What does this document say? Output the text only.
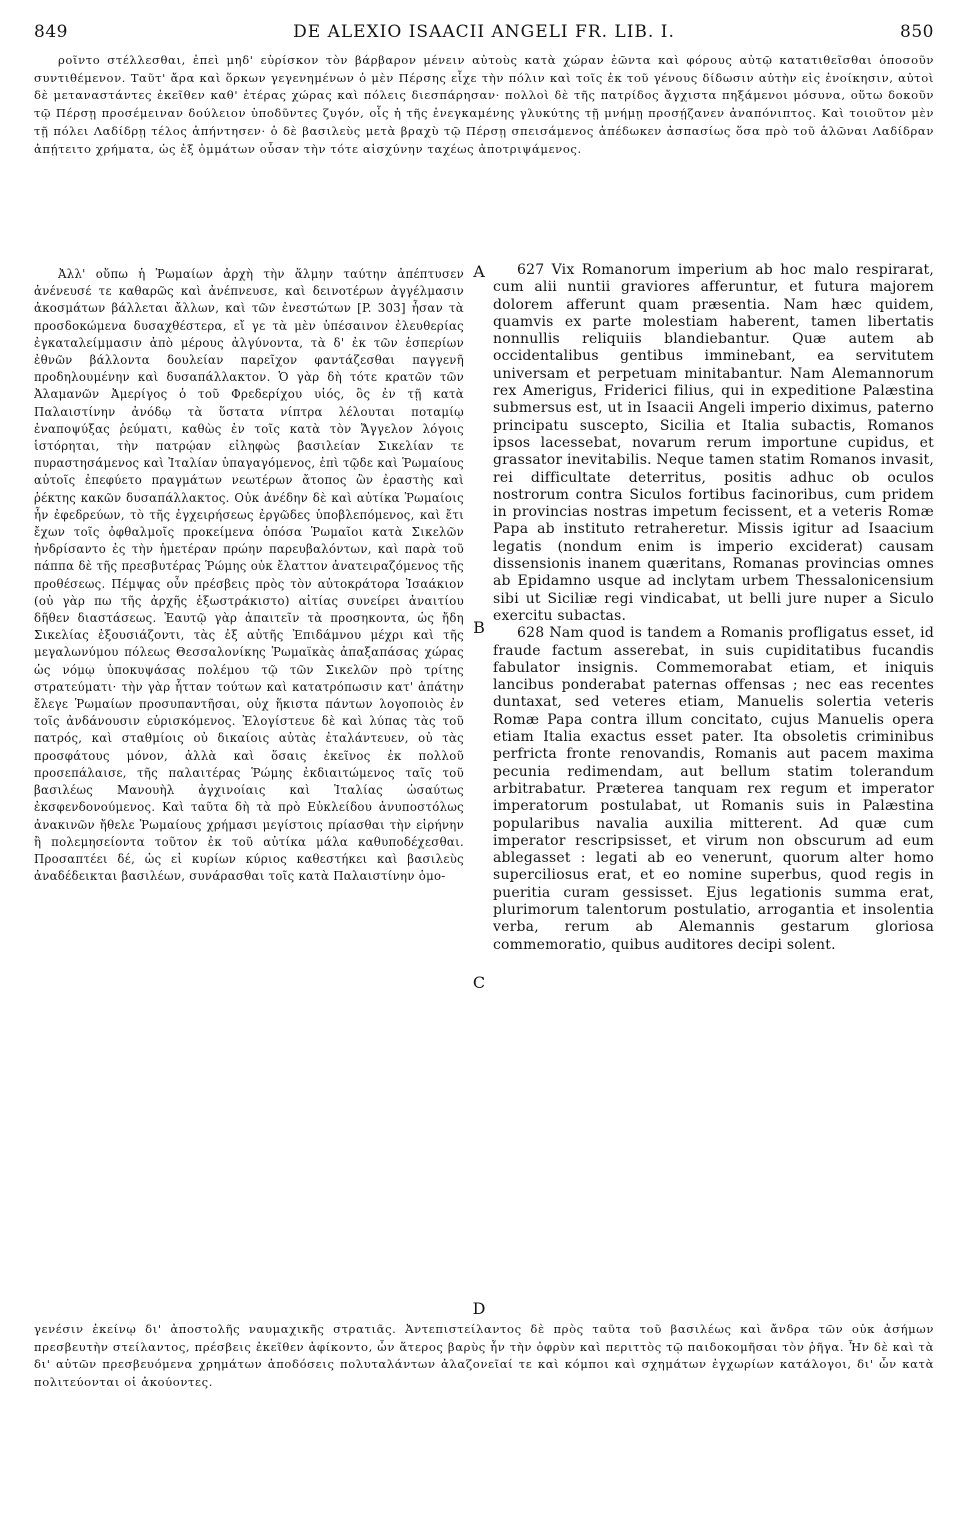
849	DE ALEXIO ISAACII ANGELI FR. LIB. I.	850

ροῖντο στέλλεσθαι, ἐπεὶ μηδ' εὑρίσκον τὸν βάρβαρον μένειν αὐτοὺς κατὰ χώραν ἐῶντα καὶ φόρους αὐτῷ κατατιθεῖσθαι ὁποσοῦν συντιθέμενον. Ταῦτ' ἄρα καὶ ὅρκων γεγενημένων ὁ μὲν Πέρσης εἶχε τὴν πόλιν καὶ τοῖς ἐκ τοῦ γένους δίδωσιν αὐτὴν εἰς ἐνοίκησιν, αὐτοὶ δὲ μεταναστάντες ἐκεῖθεν καθ' ἑτέρας χώρας καὶ πόλεις διεσπάρησαν· πολλοὶ δὲ τῆς πατρίδος ἄγχιστα πηξάμενοι μόσυνα, οὕτω δοκοῦν τῷ Πέρσῃ προσέμειναν δούλειον ὑποδῦντες ζυγόν, οἷς ἡ τῆς ἐνεγκαμένης γλυκύτης τῇ μνήμῃ προσῄζανεν ἀναπόνιπτος. Καὶ τοιοῦτον μὲν τῇ πόλει Λαδίδρῃ τέλος ἀπήντησεν· ὁ δὲ βασιλεὺς μετὰ βραχὺ τῷ Πέρσῃ σπεισάμενος ἀπέδωκεν ἀσπασίως ὅσα πρὸ τοῦ ἁλῶναι Λαδίδραν ἀπῄτειτο χρήματα, ὡς ἐξ ὀμμάτων οὖσαν τὴν τότε αἰσχύνην ταχέως ἀποτριψάμενος.

Ἀλλ' οὔπω ἡ Ῥωμαίων ἀρχὴ τὴν ἅλμην ταύτην ἀπέπτυσεν ἀνένευσέ τε καθαρῶς καὶ ἀνέπνευσε, καὶ δεινοτέρων ἀγγέλμασιν ἀκοσμάτων βάλλεται ἄλλων, καὶ τῶν ἐνεστώτων [P. 303] ἦσαν τὰ προσδοκώμενα δυσαχθέστερα, εἴ γε τὰ μὲν ὑπέσαινον ἐλευθερίας ἐγκαταλείμμασιν ἀπὸ μέρους ἀλγύνοντα, τὰ δ' ἐκ τῶν ἑσπερίων ἐθνῶν βάλλοντα δουλείαν παρεῖχον φαντάζεσθαι παγγενῆ προδηλουμένην καὶ δυσαπάλλακτον. Ὁ γὰρ δὴ τότε κρατῶν τῶν Ἀλαμανῶν Ἀμερίγος ὁ τοῦ Φρεδερίχου υἱός, ὃς ἐν τῇ κατὰ Παλαιστίνην ἀνόδῳ τὰ ὕστατα νίπτρα λέλουται ποταμίῳ ἐναποψύξας ῥεύματι, καθὼς ἐν τοῖς κατὰ τὸν Ἄγγελον λόγοις ἱστόρηται, τὴν πατρῴαν εἰληφὼς βασιλείαν Σικελίαν τε πυραστησάμενος καὶ Ἰταλίαν ὑπαγαγόμενος, ἐπὶ τῷδε καὶ Ῥωμαίους αὐτοῖς ἐπεφύετο πραγμάτων νεωτέρων ἄτοπος ὢν ἐραστὴς καὶ ῥέκτης κακῶν δυσαπάλλακτος. Οὐκ ἀνέδην δὲ καὶ αὐτίκα Ῥωμαίοις ἦν ἐφεδρεύων, τὸ τῆς ἐγχειρήσεως ἐργῶδες ὑποβλεπόμενος, καὶ ἔτι ἔχων τοῖς ὀφθαλμοῖς προκείμενα ὁπόσα Ῥωμαῖοι κατὰ Σικελῶν ἠνδρίσαντο ἐς τὴν ἡμετέραν πρώην παρευβαλόντων, καὶ παρὰ τοῦ πάππα δὲ τῆς πρεσβυτέρας Ῥώμης οὐκ ἔλαττον ἀνατειραζόμενος τῆς προθέσεως. Πέμψας οὖν πρέσβεις πρὸς τὸν αὐτοκράτορα Ἰσαάκιον (οὐ γὰρ πω τῆς ἀρχῆς ἐξωστράκιστο) αἰτίας συνείρει ἀναιτίου δῆθεν διαστάσεως. Ἑαυτῷ γὰρ ἀπαιτεῖν τὰ προσηκοντα, ὡς ἤδη Σικελίας ἐξουσιάζοντι, τὰς ἐξ αὐτῆς Ἐπιδάμνου μέχρι καὶ τῆς μεγαλωνύμου πόλεως Θεσσαλονίκης Ῥωμαϊκὰς ἀπαξαπάσας χώρας ὡς νόμῳ ὑποκυψάσας πολέμου τῷ τῶν Σικελῶν πρὸ τρίτης στρατεύματι· τὴν γὰρ ἧτταν τούτων καὶ κατατρόπωσιν κατ' ἀπάτην ἔλεγε Ῥωμαίων προσυπαντῆσαι, οὐχ ἥκιστα πάντων λογοποιὸς ἐν τοῖς ἀνδάνουσιν εὑρισκόμενος. Ἐλογίστευε δὲ καὶ λύπας τὰς τοῦ πατρός, καὶ σταθμίοις οὐ δικαίοις αὐτὰς ἐταλάντευεν, οὐ τὰς προσφάτους μόνον, ἀλλὰ καὶ ὅσαις ἐκεῖνος ἐκ πολλοῦ προσεπάλαισε, τῆς παλαιτέρας Ῥώμης ἐκδιαιτώμενος ταῖς τοῦ βασιλέως Μανουὴλ ἀγχινοίαις καὶ Ἰταλίας ὡσαύτως ἐκσφενδονούμενος. Καὶ ταῦτα δὴ τὰ πρὸ Εὐκλείδου ἀνυποστόλως ἀνακινῶν ἤθελε Ῥωμαίους χρήμασι μεγίστοις πρίασθαι τὴν εἰρήνην ἢ πολεμησείοντα τοῦτον ἐκ τοῦ αὐτίκα μάλα καθυποδέχεσθαι. Προσαπτέει δέ, ὡς εἰ κυρίων κύριος καθεστήκει καὶ βασιλεὺς ἀναδέδεικται βασιλέων, συνάρασθαι τοῖς κατὰ Παλαιστίνην ὁμο-

A
B
C
D

627 Vix Romanorum imperium ab hoc malo respirarat, cum alii nuntii graviores afferuntur, et futura majorem dolorem afferunt quam præsentia. Nam hæc quidem, quamvis ex parte molestiam haberent, tamen libertatis nonnullis reliquiis blandiebantur. Quæ autem ab occidentalibus gentibus imminebant, ea servitutem universam et perpetuam minitabantur. Nam Alemannorum rex Amerigus, Friderici filius, qui in expeditione Palæstina submersus est, ut in Isaacii Angeli imperio diximus, paterno principatu suscepto, Sicilia et Italia subactis, Romanos ipsos lacessebat, novarum rerum importune cupidus, et grassator inevitabilis. Neque tamen statim Romanos invasit, rei difficultate deterritus, positis adhuc ob oculos nostrorum contra Siculos fortibus facinoribus, cum pridem in provincias nostras impetum fecissent, et a veteris Romæ Papa ab instituto retraheretur. Missis igitur ad Isaacium legatis (nondum enim is imperio exciderat) causam dissensionis inanem quæritans, Romanas provincias omnes ab Epidamno usque ad inclytam urbem Thessalonicensium sibi ut Siciliæ regi vindicabat, ut belli jure nuper a Siculo exercitu subactas.

628 Nam quod is tandem a Romanis profligatus esset, id fraude factum asserebat, in suis cupiditatibus fucandis fabulator insignis. Commemorabat etiam, et iniquis lancibus ponderabat paternas offensas ; nec eas recentes duntaxat, sed veteres etiam, Manuelis solertia veteris Romæ Papa contra illum concitato, cujus Manuelis opera etiam Italia exactus esset pater. Ita obsoletis criminibus perfricta fronte renovandis, Romanis aut pacem maxima pecunia redimendam, aut bellum statim tolerandum arbitrabatur. Præterea tanquam rex regum et imperator imperatorum postulabat, ut Romanis suis in Palæstina popularibus navalia auxilia mitterent. Ad quæ cum imperator rescripsisset, et virum non obscurum ad eum ablegasset : legati ab eo venerunt, quorum alter homo superciliosus erat, et eo nomine superbus, quod regis in pueritia curam gessisset. Ejus legationis summa erat, plurimorum talentorum postulatio, arrogantia et insolentia verba, rerum ab Alemannis gestarum gloriosa commemoratio, quibus auditores decipi solent.

γενέσιν ἐκείνῳ δι' ἀποστολῆς ναυμαχικῆς στρατιᾶς. Ἀντεπιστείλαντος δὲ πρὸς ταῦτα τοῦ βασιλέως καὶ ἄνδρα τῶν οὐκ ἀσήμων πρεσβευτὴν στείλαντος, πρέσβεις ἐκεῖθεν ἀφίκοντο, ὧν ἅτερος βαρὺς ἦν τὴν ὀφρὺν καὶ περιττὸς τῷ παιδοκομῆσαι τὸν ῥῆγα. Ἦν δὲ καὶ τὰ δι' αὐτῶν πρεσβευόμενα χρημάτων ἀποδόσεις πολυταλάντων ἀλαζονεῖαί τε καὶ κόμποι καὶ σχημάτων ἐγχωρίων κατάλογοι, δι' ὧν κατὰ πολιτεύονται οἱ ἀκούοντες.
